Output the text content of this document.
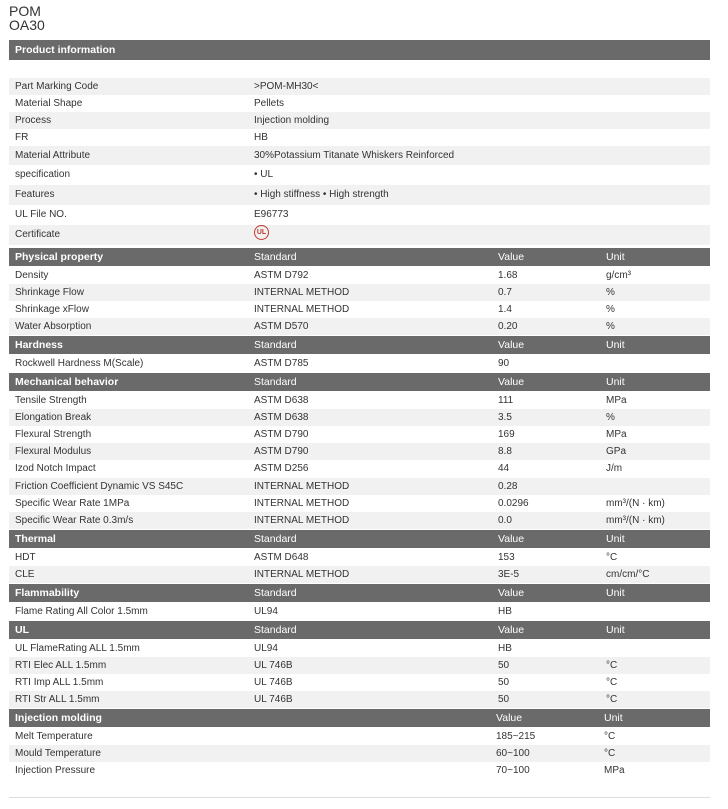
POM
OA30
Product information
Part Marking Code	>POM-MH30<
Material Shape	Pellets
Process	Injection molding
FR	HB
Material Attribute	30%Potassium Titanate Whiskers Reinforced
specification	• UL
Features	• High stiffness • High strength
UL File NO.	E96773
Certificate	UL
Physical property	Standard	Value	Unit
Density	ASTM D792	1.68	g/cm³
Shrinkage Flow	INTERNAL METHOD	0.7	%
Shrinkage xFlow	INTERNAL METHOD	1.4	%
Water Absorption	ASTM D570	0.20	%
Hardness	Standard	Value	Unit
Rockwell Hardness M(Scale)	ASTM D785	90
Mechanical behavior	Standard	Value	Unit
Tensile Strength	ASTM D638	111	MPa
Elongation Break	ASTM D638	3.5	%
Flexural Strength	ASTM D790	169	MPa
Flexural Modulus	ASTM D790	8.8	GPa
Izod Notch Impact	ASTM D256	44	J/m
Friction Coefficient Dynamic VS S45C	INTERNAL METHOD	0.28
Specific Wear Rate 1MPa	INTERNAL METHOD	0.0296	mm³/(N · km)
Specific Wear Rate 0.3m/s	INTERNAL METHOD	0.0	mm³/(N · km)
Thermal	Standard	Value	Unit
HDT	ASTM D648	153	°C
CLE	INTERNAL METHOD	3E-5	cm/cm/°C
Flammability	Standard	Value	Unit
Flame Rating All Color 1.5mm	UL94	HB
UL	Standard	Value	Unit
UL FlameRating ALL 1.5mm	UL94	HB
RTI Elec ALL 1.5mm	UL 746B	50	°C
RTI Imp ALL 1.5mm	UL 746B	50	°C
RTI Str ALL 1.5mm	UL 746B	50	°C
Injection molding	Value	Unit
Melt Temperature	185~215	°C
Mould Temperature	60~100	°C
Injection Pressure	70~100	MPa
